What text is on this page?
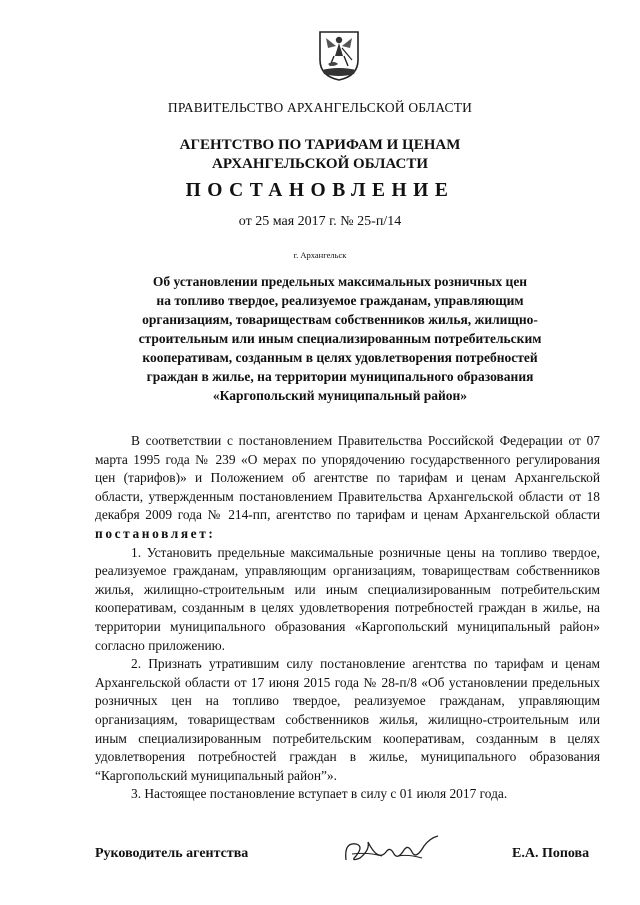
ПРАВИТЕЛЬСТВО АРХАНГЕЛЬСКОЙ ОБЛАСТИ
АГЕНТСТВО ПО ТАРИФАМ И ЦЕНАМ
АРХАНГЕЛЬСКОЙ ОБЛАСТИ
ПОСТАНОВЛЕНИЕ
от 25 мая 2017 г. № 25-п/14
г. Архангельск
Об установлении предельных максимальных розничных цен
на топливо твердое, реализуемое гражданам, управляющим
организациям, товариществам собственников жилья, жилищно-
строительным или иным специализированным потребительским
кооперативам, созданным в целях удовлетворения потребностей
граждан в жилье, на территории муниципального образования
«Каргопольский муниципальный район»

В соответствии с постановлением Правительства Российской Федерации от 07 марта 1995 года № 239 «О мерах по упорядочению государственного регулирования цен (тарифов)» и Положением об агентстве по тарифам и ценам Архангельской области, утвержденным постановлением Правительства Архангельской области от 18 декабря 2009 года № 214-пп, агентство по тарифам и ценам Архангельской области постановляет:

1. Установить предельные максимальные розничные цены на топливо твердое, реализуемое гражданам, управляющим организациям, товариществам собственников жилья, жилищно-строительным или иным специализированным потребительским кооперативам, созданным в целях удовлетворения потребностей граждан в жилье, на территории муниципального образования «Каргопольский муниципальный район» согласно приложению.

2. Признать утратившим силу постановление агентства по тарифам и ценам Архангельской области от 17 июня 2015 года № 28-п/8 «Об установлении предельных розничных цен на топливо твердое, реализуемое гражданам, управляющим организациям, товариществам собственников жилья, жилищно-строительным или иным специализированным потребительским кооперативам, созданным в целях удовлетворения потребностей граждан в жилье, муниципального образования “Каргопольский муниципальный район”».

3. Настоящее постановление вступает в силу с 01 июля 2017 года.

Руководитель агентства	Е.А. Попова
